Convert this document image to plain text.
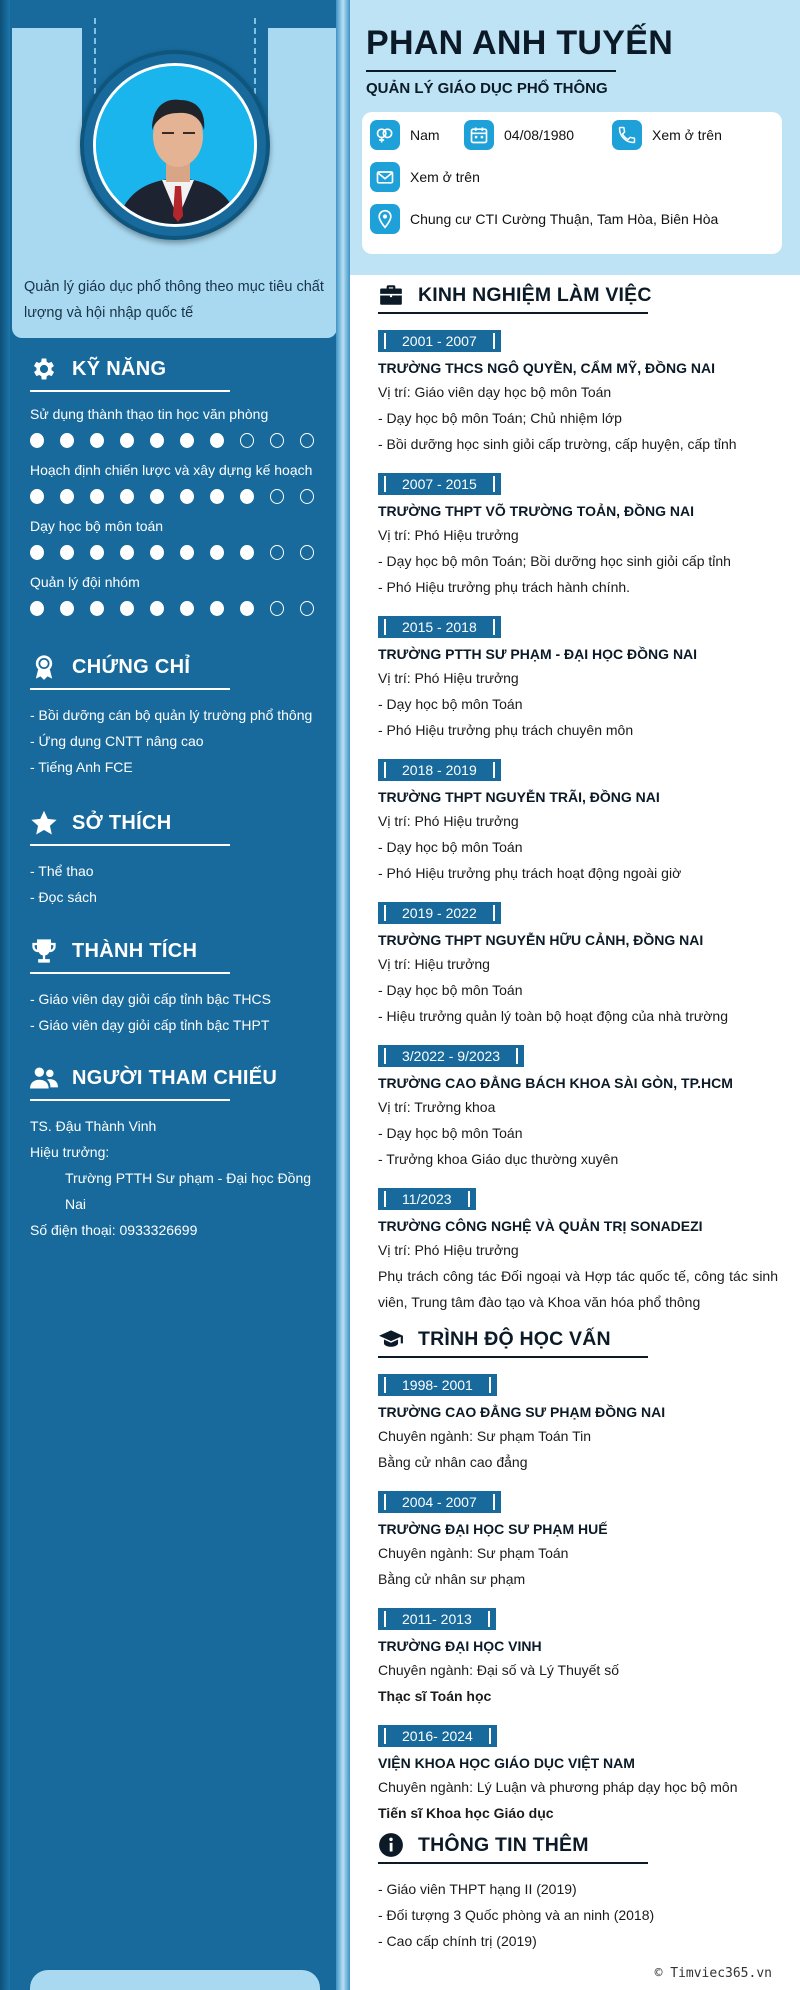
Quản lý giáo dục phổ thông theo mục tiêu chất lượng và hội nhập quốc tế
KỸ NĂNG
Sử dụng thành thạo tin học văn phòng
Hoạch định chiến lược và xây dựng kế hoạch
Dạy học bộ môn toán
Quản lý đội nhóm
CHỨNG CHỈ
- Bồi dưỡng cán bộ quản lý trường phổ thông
- Ứng dụng CNTT nâng cao
- Tiếng Anh FCE
SỞ THÍCH
- Thể thao
- Đọc sách
THÀNH TÍCH
- Giáo viên dạy giỏi cấp tỉnh bậc THCS
- Giáo viên dạy giỏi cấp tỉnh bậc THPT
NGƯỜI THAM CHIẾU
TS. Đậu Thành Vinh
Hiệu trưởng:
Trường PTTH Sư phạm - Đại học Đồng Nai
Số điện thoại: 0933326699
PHAN ANH TUYẾN
QUẢN LÝ GIÁO DỤC PHỔ THÔNG
Nam	04/08/1980	Xem ở trên
Xem ở trên
Chung cư CTI Cường Thuận, Tam Hòa, Biên Hòa
KINH NGHIỆM LÀM VIỆC
2001 - 2007
TRƯỜNG THCS NGÔ QUYỀN, CẨM MỸ, ĐỒNG NAI
Vị trí: Giáo viên dạy học bộ môn Toán
- Dạy học bộ môn Toán; Chủ nhiệm lớp
- Bồi dưỡng học sinh giỏi cấp trường, cấp huyện, cấp tỉnh
2007 - 2015
TRƯỜNG THPT VÕ TRƯỜNG TOẢN, ĐỒNG NAI
Vị trí: Phó Hiệu trưởng
- Dạy học bộ môn Toán; Bồi dưỡng học sinh giỏi cấp tỉnh
- Phó Hiệu trưởng phụ trách hành chính.
2015 - 2018
TRƯỜNG PTTH SƯ PHẠM - ĐẠI HỌC ĐỒNG NAI
Vị trí: Phó Hiệu trưởng
- Dạy học bộ môn Toán
- Phó Hiệu trưởng phụ trách chuyên môn
2018 - 2019
TRƯỜNG THPT NGUYỄN TRÃI, ĐỒNG NAI
Vị trí: Phó Hiệu trưởng
- Dạy học bộ môn Toán
- Phó Hiệu trưởng phụ trách hoạt động ngoài giờ
2019 - 2022
TRƯỜNG THPT NGUYỄN HỮU CẢNH, ĐỒNG NAI
Vị trí: Hiệu trưởng
- Dạy học bộ môn Toán
- Hiệu trưởng quản lý toàn bộ hoạt động của nhà trường
3/2022 - 9/2023
TRƯỜNG CAO ĐẲNG BÁCH KHOA SÀI GÒN, TP.HCM
Vị trí: Trưởng khoa
- Dạy học bộ môn Toán
- Trưởng khoa Giáo dục thường xuyên
11/2023
TRƯỜNG CÔNG NGHỆ VÀ QUẢN TRỊ SONADEZI
Vị trí: Phó Hiệu trưởng
Phụ trách công tác Đối ngoại và Hợp tác quốc tế, công tác sinh viên, Trung tâm đào tạo và Khoa văn hóa phổ thông
TRÌNH ĐỘ HỌC VẤN
1998- 2001
TRƯỜNG CAO ĐẲNG SƯ PHẠM ĐỒNG NAI
Chuyên ngành: Sư phạm Toán Tin
Bằng cử nhân cao đẳng
2004 - 2007
TRƯỜNG ĐẠI HỌC SƯ PHẠM HUẾ
Chuyên ngành: Sư phạm Toán
Bằng cử nhân sư phạm
2011- 2013
TRƯỜNG ĐẠI HỌC VINH
Chuyên ngành: Đại số và Lý Thuyết số
Thạc sĩ Toán học
2016- 2024
VIỆN KHOA HỌC GIÁO DỤC VIỆT NAM
Chuyên ngành: Lý Luận và phương pháp dạy học bộ môn
Tiến sĩ Khoa học Giáo dục
THÔNG TIN THÊM
- Giáo viên THPT hạng II (2019)
- Đối tượng 3 Quốc phòng và an ninh (2018)
- Cao cấp chính trị (2019)
© Timviec365.vn
